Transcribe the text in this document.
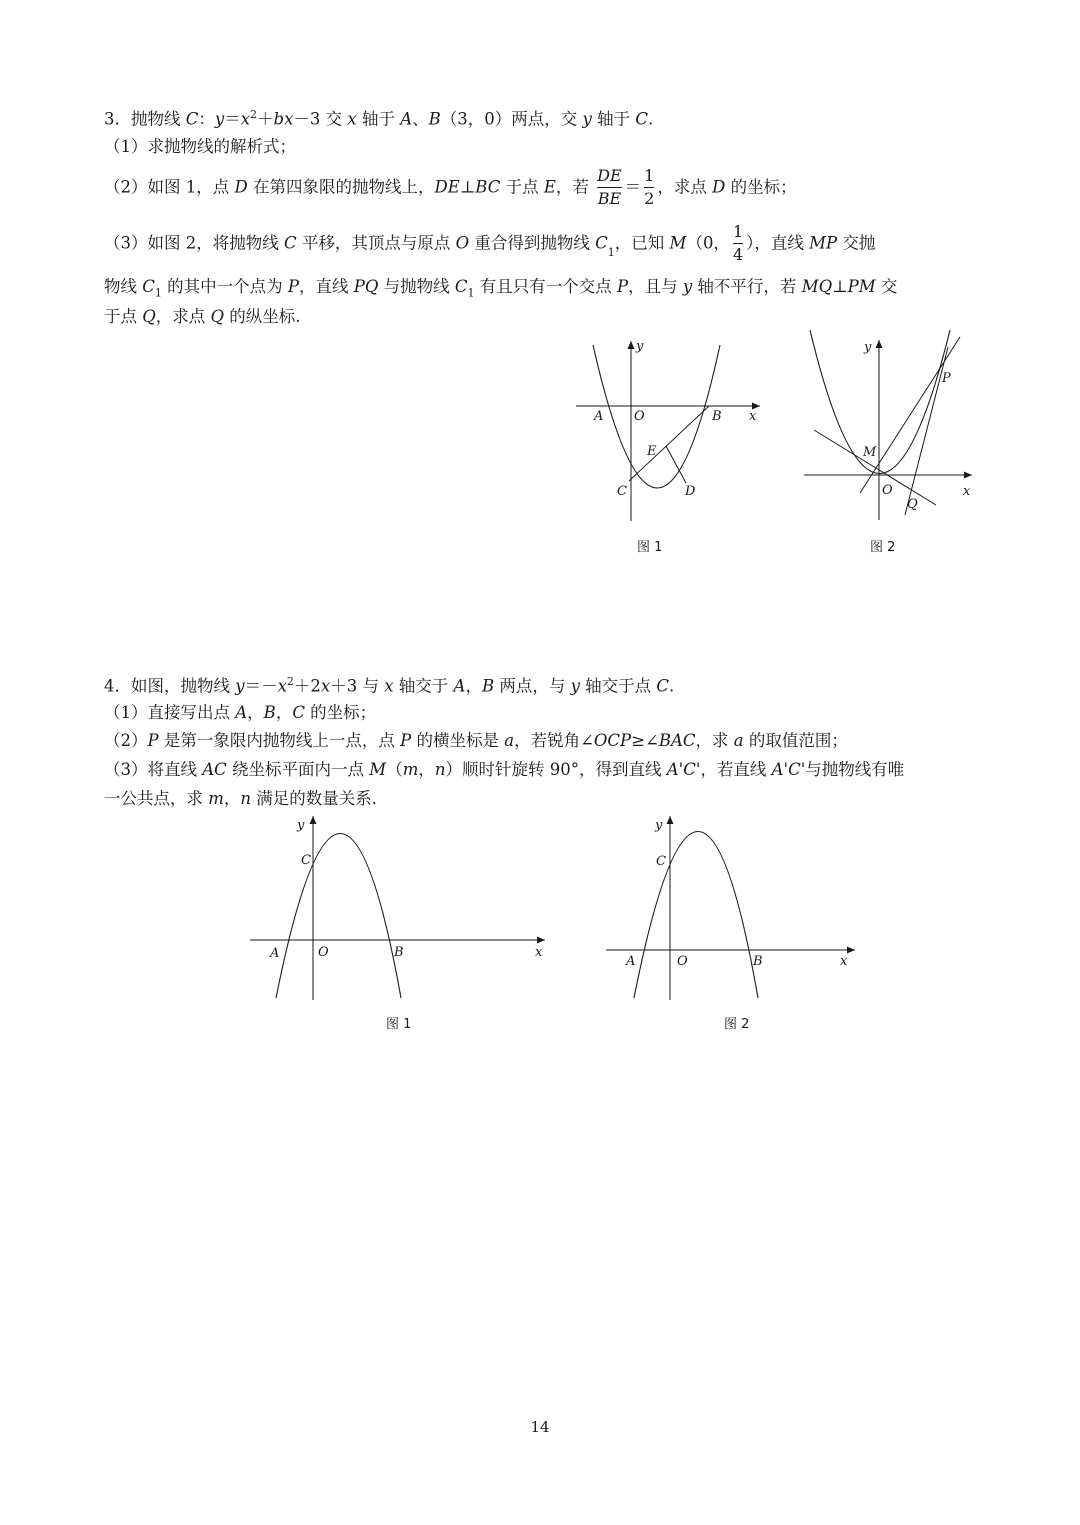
3．抛物线 C：$y=x^2+bx-3$ 交 x 轴于 A、B（3，0）两点，交 y 轴于 C.
（1）求抛物线的解析式；
（2）如图 1，点 D 在第四象限的抛物线上，DE⊥BC 于点 E，若 $\frac{DE}{BE} = \frac{1}{2}$ ，求点 D 的坐标；
（3）如图 2，将抛物线 C 平移，其顶点与原点 O 重合得到抛物线 $C_1$，已知 M（0， $\frac{1}{4}$ ），直线 MP 交抛
物线 $C_1$ 的其中一个点为 P，直线 PQ 与抛物线 $C_1$ 有且只有一个交点 P，且与 y 轴不平行，若 MQ⊥PM 交
于点 Q，求点 Q 的纵坐标.
y
x
A O	B
E
C	D
图 1
y
x
P
M
O
Q
图 2
4．如图，抛物线 $y=-x^2+2x+3$ 与 x 轴交于 A，B 两点，与 y 轴交于点 C.
（1）直接写出点 A，B，C 的坐标；
（2）P 是第一象限内抛物线上一点，点 P 的横坐标是 a，若锐角∠OCP≥∠BAC，求 a 的取值范围；
（3）将直线 AC 绕坐标平面内一点 M（m，n）顺时针旋转 90°，得到直线 A'C'，若直线 A'C'与抛物线有唯
一公共点，求 m，n 满足的数量关系.
y
x
C
A	O	B
图 1
y
x
C
A	O	B
图 2
14
